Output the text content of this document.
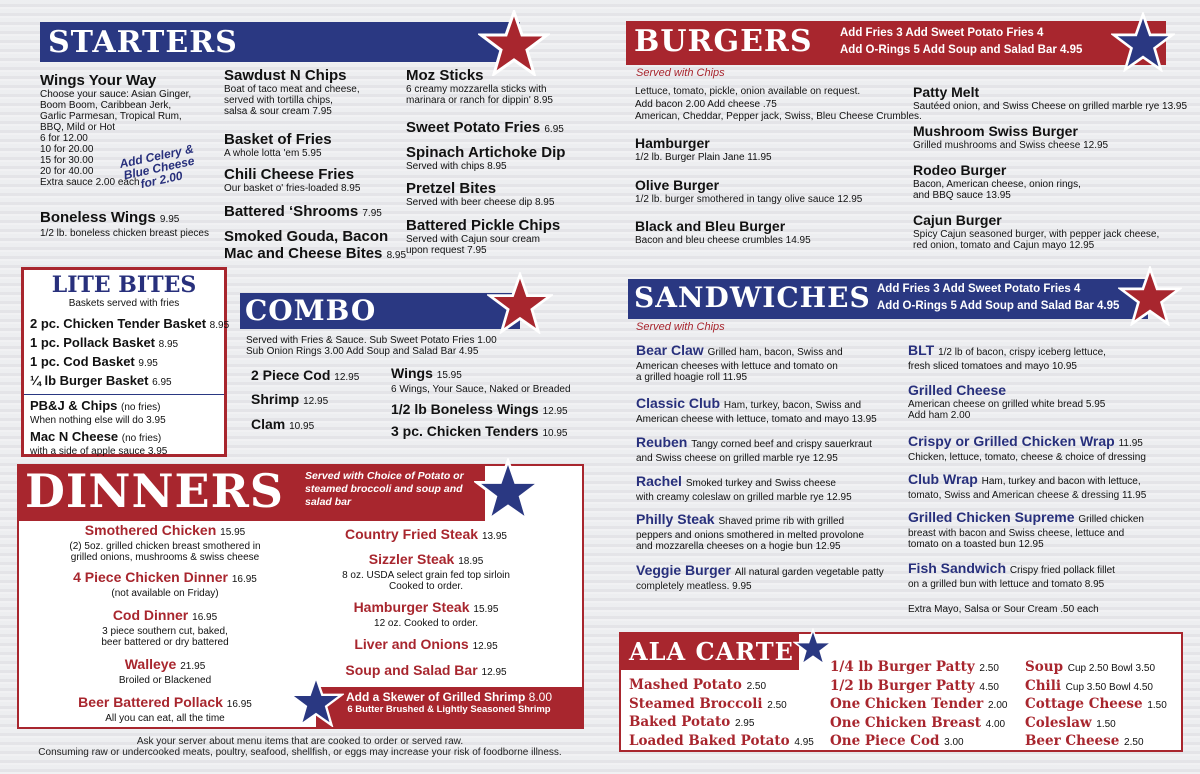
STARTERS
Wings Your Way
Choose your sauce: Asian Ginger,
Boom Boom, Caribbean Jerk,
Garlic Parmesan, Tropical Rum,
BBQ, Mild or Hot
6 for 12.00
10 for 20.00
15 for 30.00
20 for 40.00
Extra sauce 2.00 each
Add Celery & Blue Cheese for 2.00
Boneless Wings 9.95
1/2 lb. boneless chicken breast pieces
Sawdust N Chips
Boat of taco meat and cheese,
served with tortilla chips,
salsa & sour cream 7.95
Basket of Fries
A whole lotta 'em 5.95
Chili Cheese Fries
Our basket o' fries-loaded 8.95
Battered ‘Shrooms 7.95
Smoked Gouda, Bacon
Mac and Cheese Bites 8.95
Moz Sticks
6 creamy mozzarella sticks with
marinara or ranch for dippin' 8.95
Sweet Potato Fries 6.95
Spinach Artichoke Dip
Served with chips 8.95
Pretzel Bites
Served with beer cheese dip 8.95
Battered Pickle Chips
Served with Cajun sour cream
upon request 7.95
LITE BITES
Baskets served with fries
2 pc. Chicken Tender Basket 8.95
1 pc. Pollack Basket 8.95
1 pc. Cod Basket 9.95
¼ lb Burger Basket 6.95
PB&J & Chips (no fries)
When nothing else will do 3.95
Mac N Cheese (no fries)
with a side of apple sauce 3.95
COMBO
Served with Fries & Sauce. Sub Sweet Potato Fries 1.00
Sub Onion Rings 3.00 Add Soup and Salad Bar 4.95
2 Piece Cod 12.95
Shrimp 12.95
Clam 10.95
Wings 15.95
6 Wings, Your Sauce, Naked or Breaded
1/2 lb Boneless Wings 12.95
3 pc. Chicken Tenders 10.95
DINNERS Served with Choice of Potato or steamed broccoli and soup and salad bar
Smothered Chicken 15.95
(2) 5oz. grilled chicken breast smothered in
grilled onions, mushrooms & swiss cheese
4 Piece Chicken Dinner 16.95
(not available on Friday)
Cod Dinner 16.95
3 piece southern cut, baked,
beer battered or dry battered
Walleye 21.95
Broiled or Blackened
Beer Battered Pollack 16.95
All you can eat, all the time
Country Fried Steak 13.95
Sizzler Steak 18.95
8 oz. USDA select grain fed top sirloin
Cooked to order.
Hamburger Steak 15.95
12 oz. Cooked to order.
Liver and Onions 12.95
Soup and Salad Bar 12.95
Add a Skewer of Grilled Shrimp 8.00
6 Butter Brushed & Lightly Seasoned Shrimp
Ask your server about menu items that are cooked to order or served raw.
Consuming raw or undercooked meats, poultry, seafood, shellfish, or eggs may increase your risk of foodborne illness.
BURGERS Add Fries 3 Add Sweet Potato Fries 4
Add O-Rings 5 Add Soup and Salad Bar 4.95
Served with Chips
Lettuce, tomato, pickle, onion available on request.
Add bacon 2.00 Add cheese .75
American, Cheddar, Pepper jack, Swiss, Bleu Cheese Crumbles.
Hamburger
1/2 lb. Burger Plain Jane 11.95
Olive Burger
1/2 lb. burger smothered in tangy olive sauce 12.95
Black and Bleu Burger
Bacon and bleu cheese crumbles 14.95
Patty Melt
Sautéed onion, and Swiss Cheese on grilled marble rye 13.95
Mushroom Swiss Burger
Grilled mushrooms and Swiss cheese 12.95
Rodeo Burger
Bacon, American cheese, onion rings,
and BBQ sauce 13.95
Cajun Burger
Spicy Cajun seasoned burger, with pepper jack cheese,
red onion, tomato and Cajun mayo 12.95
SANDWICHES Add Fries 3 Add Sweet Potato Fries 4
Add O-Rings 5 Add Soup and Salad Bar 4.95
Served with Chips
Bear Claw Grilled ham, bacon, Swiss and
American cheeses with lettuce and tomato on
a grilled hoagie roll 11.95
Classic Club Ham, turkey, bacon, Swiss and
American cheese with lettuce, tomato and mayo 13.95
Reuben Tangy corned beef and crispy sauerkraut
and Swiss cheese on grilled marble rye 12.95
Rachel Smoked turkey and Swiss cheese
with creamy coleslaw on grilled marble rye 12.95
Philly Steak Shaved prime rib with grilled
peppers and onions smothered in melted provolone
and mozzarella cheeses on a hogie bun 12.95
Veggie Burger All natural garden vegetable patty
completely meatless. 9.95
BLT 1/2 lb of bacon, crispy iceberg lettuce,
fresh sliced tomatoes and mayo 10.95
Grilled Cheese
American cheese on grilled white bread 5.95
Add ham 2.00
Crispy or Grilled Chicken Wrap 11.95
Chicken, lettuce, tomato, cheese & choice of dressing
Club Wrap Ham, turkey and bacon with lettuce,
tomato, Swiss and American cheese & dressing 11.95
Grilled Chicken Supreme Grilled chicken
breast with bacon and Swiss cheese, lettuce and
tomato on a toasted bun 12.95
Fish Sandwich Crispy fried pollack fillet
on a grilled bun with lettuce and tomato 8.95
Extra Mayo, Salsa or Sour Cream .50 each
ALA CARTE
Mashed Potato 2.50
Steamed Broccoli 2.50
Baked Potato 2.95
Loaded Baked Potato 4.95
1/4 lb Burger Patty 2.50
1/2 lb Burger Patty 4.50
One Chicken Tender 2.00
One Chicken Breast 4.00
One Piece Cod 3.00
Soup Cup 2.50 Bowl 3.50
Chili Cup 3.50 Bowl 4.50
Cottage Cheese 1.50
Coleslaw 1.50
Beer Cheese 2.50
